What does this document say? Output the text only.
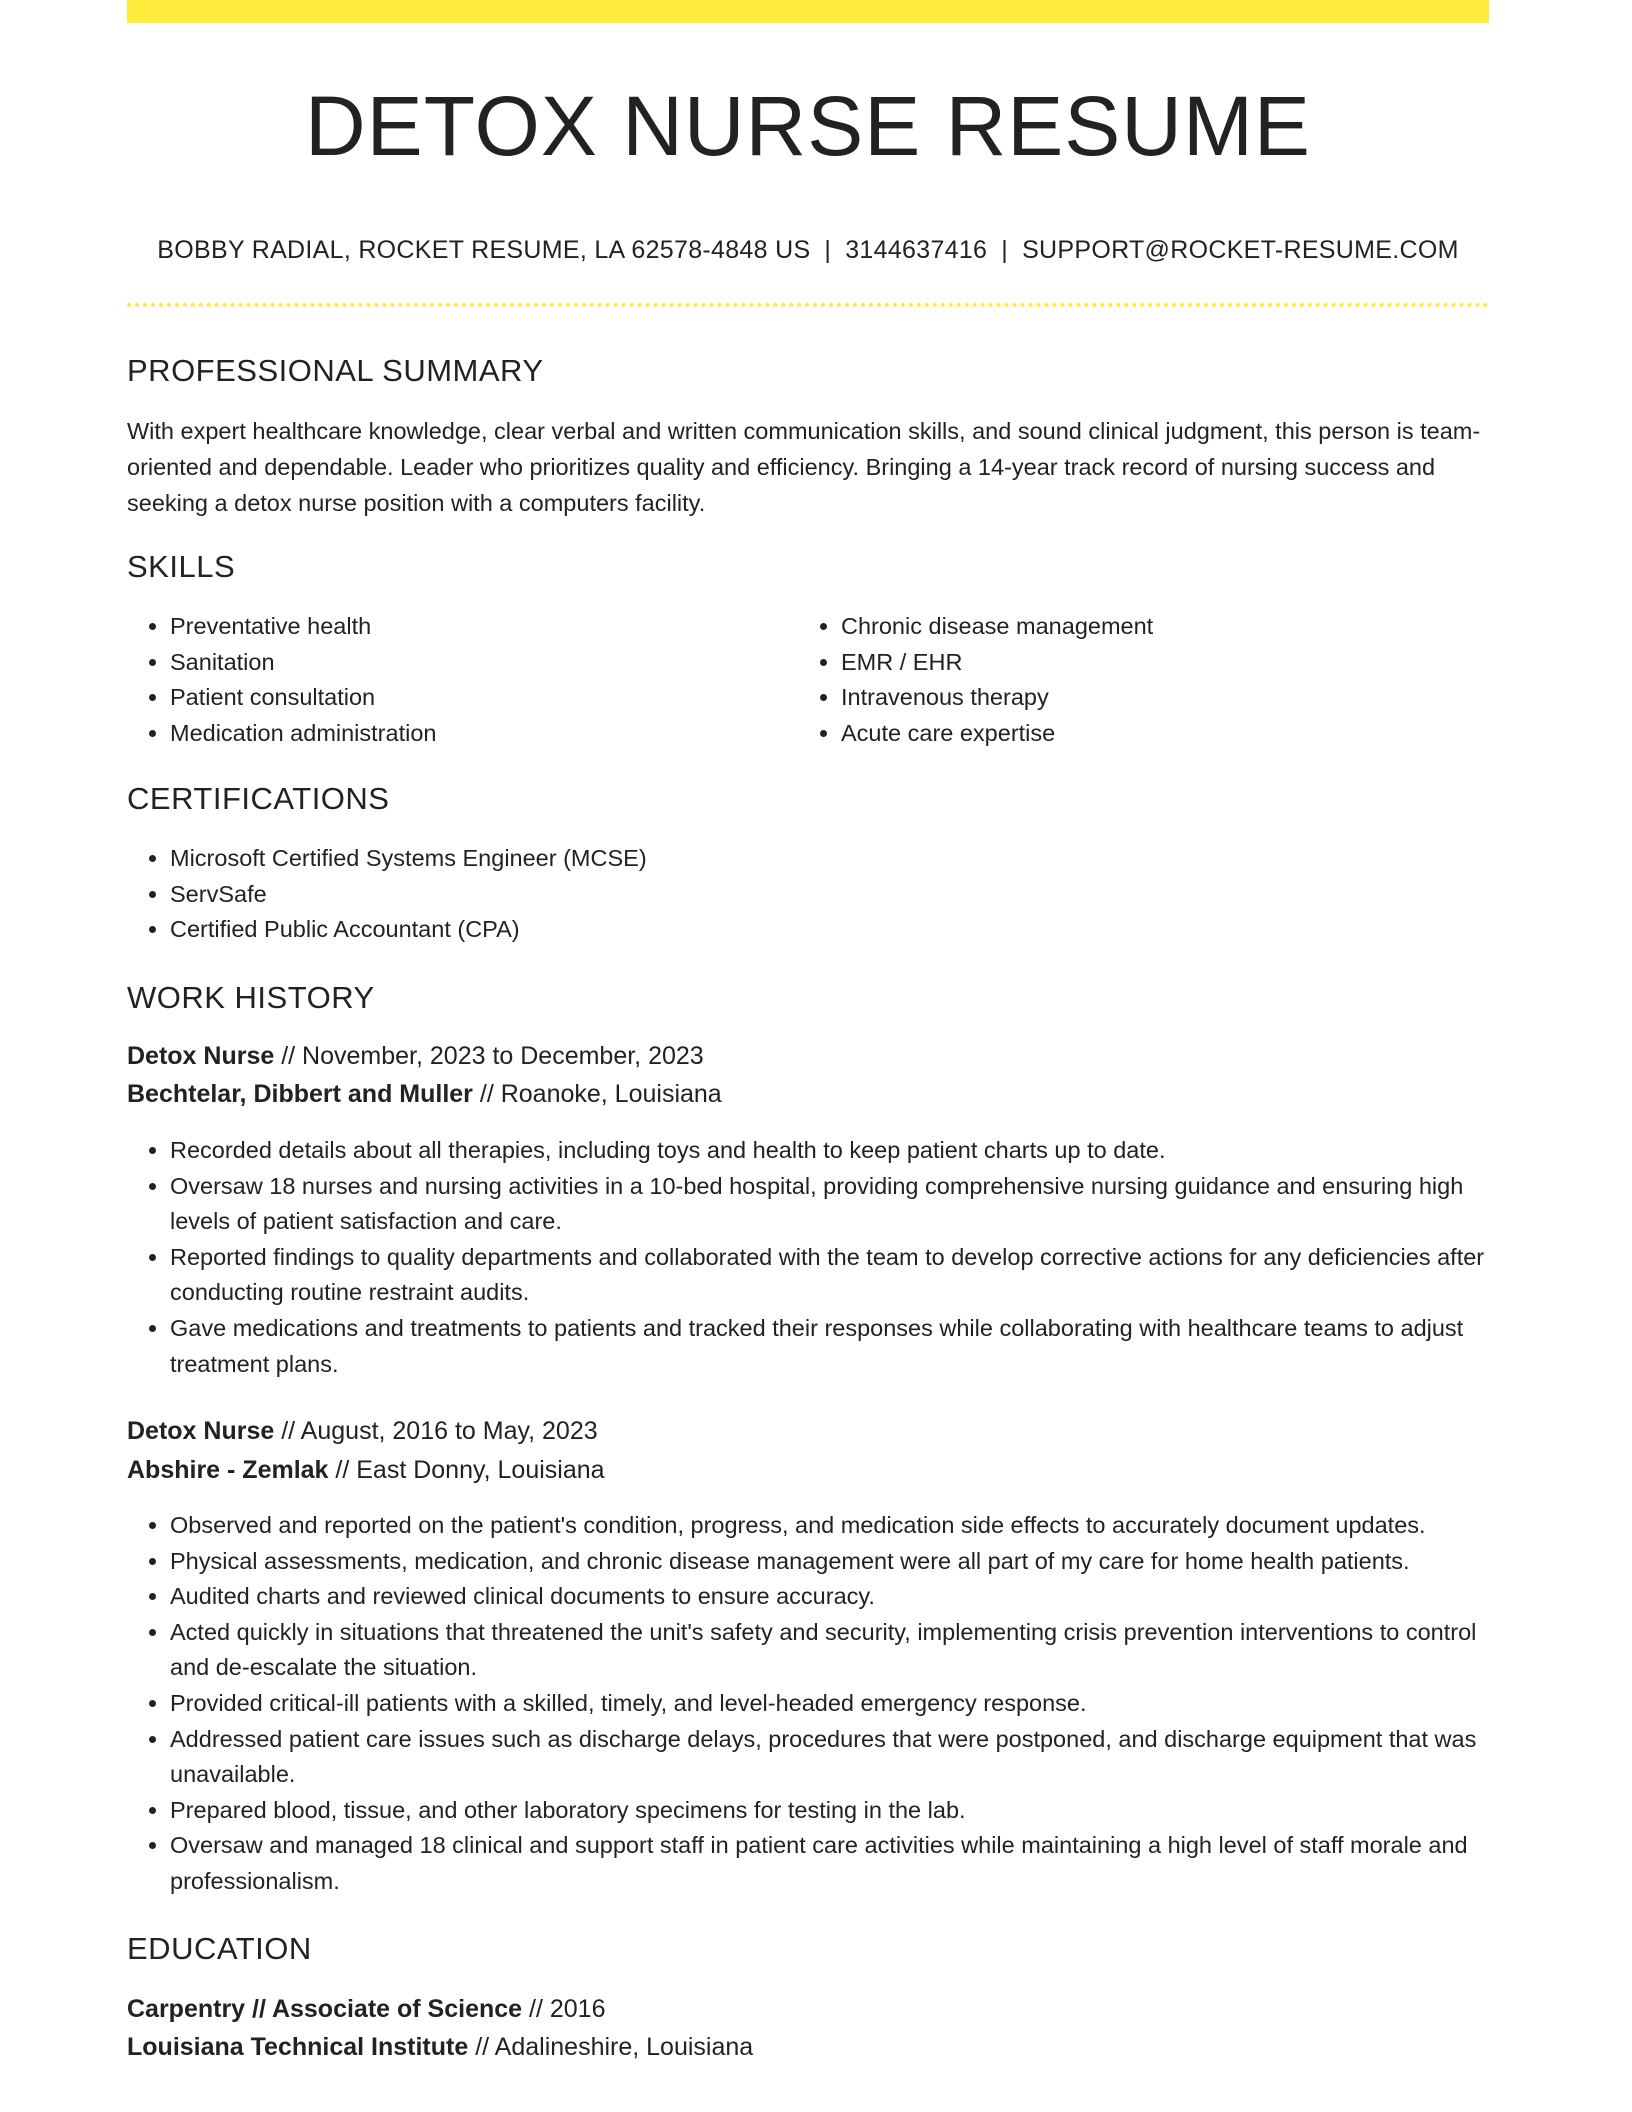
DETOX NURSE RESUME
BOBBY RADIAL, ROCKET RESUME, LA 62578-4848 US | 3144637416 | SUPPORT@ROCKET-RESUME.COM
PROFESSIONAL SUMMARY

With expert healthcare knowledge, clear verbal and written communication skills, and sound clinical judgment, this person is team-oriented and dependable. Leader who prioritizes quality and efficiency. Bringing a 14-year track record of nursing success and seeking a detox nurse position with a computers facility.

SKILLS
• Preventative health
• Sanitation
• Patient consultation
• Medication administration
• Chronic disease management
• EMR / EHR
• Intravenous therapy
• Acute care expertise
CERTIFICATIONS
• Microsoft Certified Systems Engineer (MCSE)
• ServSafe
• Certified Public Accountant (CPA)
WORK HISTORY
Detox Nurse // November, 2023 to December, 2023
Bechtelar, Dibbert and Muller // Roanoke, Louisiana
• Recorded details about all therapies, including toys and health to keep patient charts up to date.
• Oversaw 18 nurses and nursing activities in a 10-bed hospital, providing comprehensive nursing guidance and ensuring high levels of patient satisfaction and care.
• Reported findings to quality departments and collaborated with the team to develop corrective actions for any deficiencies after conducting routine restraint audits.
• Gave medications and treatments to patients and tracked their responses while collaborating with healthcare teams to adjust treatment plans.
Detox Nurse // August, 2016 to May, 2023
Abshire - Zemlak // East Donny, Louisiana
• Observed and reported on the patient's condition, progress, and medication side effects to accurately document updates.
• Physical assessments, medication, and chronic disease management were all part of my care for home health patients.
• Audited charts and reviewed clinical documents to ensure accuracy.
• Acted quickly in situations that threatened the unit's safety and security, implementing crisis prevention interventions to control and de-escalate the situation.
• Provided critical-ill patients with a skilled, timely, and level-headed emergency response.
• Addressed patient care issues such as discharge delays, procedures that were postponed, and discharge equipment that was unavailable.
• Prepared blood, tissue, and other laboratory specimens for testing in the lab.
• Oversaw and managed 18 clinical and support staff in patient care activities while maintaining a high level of staff morale and professionalism.
EDUCATION
Carpentry // Associate of Science // 2016
Louisiana Technical Institute // Adalineshire, Louisiana
